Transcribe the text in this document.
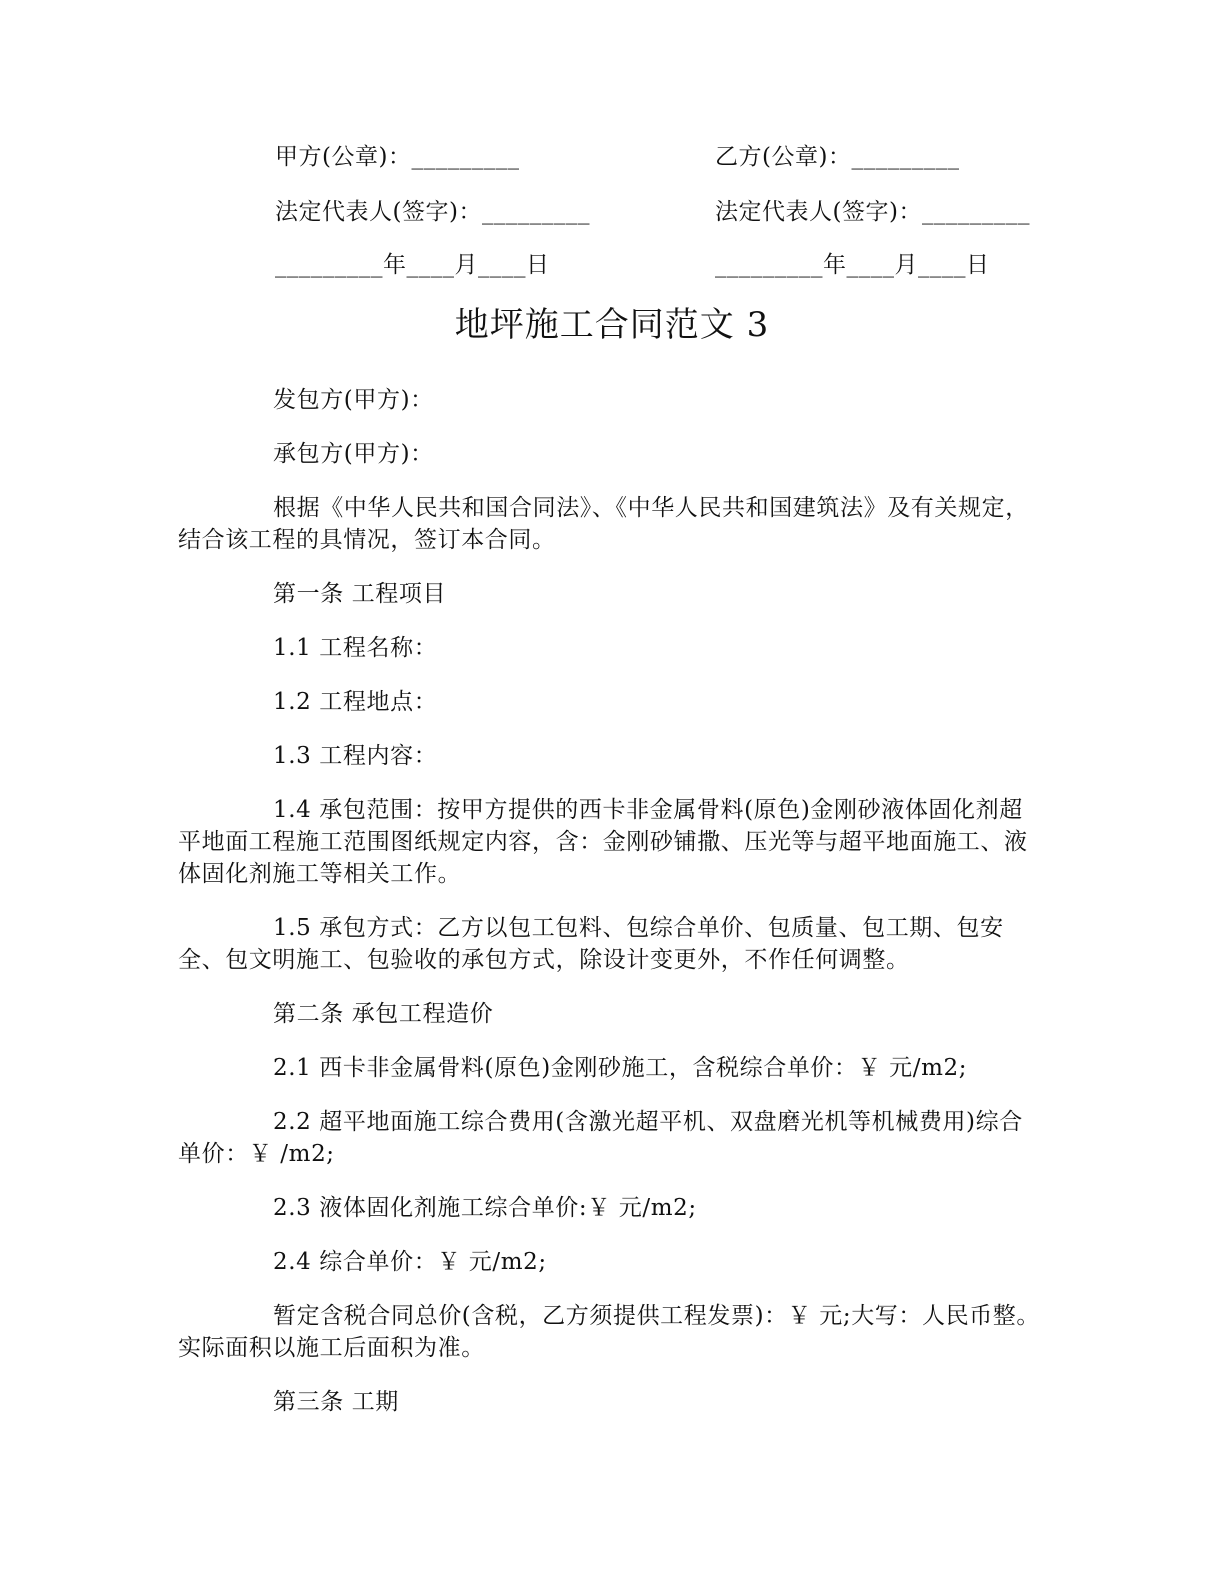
甲方(公章)：_________	乙方(公章)：_________
法定代表人(签字)：_________	法定代表人(签字)：_________
_________年____月____日	_________年____月____日
地坪施工合同范文 3

发包方(甲方)：

承包方(甲方)：

根据《中华人民共和国合同法》、《中华人民共和国建筑法》及有关规定，结合该工程的具情况，签订本合同。

第一条 工程项目

1.1 工程名称：

1.2 工程地点：

1.3 工程内容：

1.4 承包范围：按甲方提供的西卡非金属骨料(原色)金刚砂液体固化剂超平地面工程施工范围图纸规定内容，含：金刚砂铺撒、压光等与超平地面施工、液体固化剂施工等相关工作。

1.5 承包方式：乙方以包工包料、包综合单价、包质量、包工期、包安全、包文明施工、包验收的承包方式，除设计变更外，不作任何调整。

第二条 承包工程造价

2.1 西卡非金属骨料(原色)金刚砂施工，含税综合单价：￥ 元/m2;

2.2 超平地面施工综合费用(含激光超平机、双盘磨光机等机械费用)综合单价：￥ /m2;

2.3 液体固化剂施工综合单价:￥ 元/m2;

2.4 综合单价：￥ 元/m2;

暂定含税合同总价(含税，乙方须提供工程发票)：￥ 元;大写：人民币整。实际面积以施工后面积为准。

第三条 工期
